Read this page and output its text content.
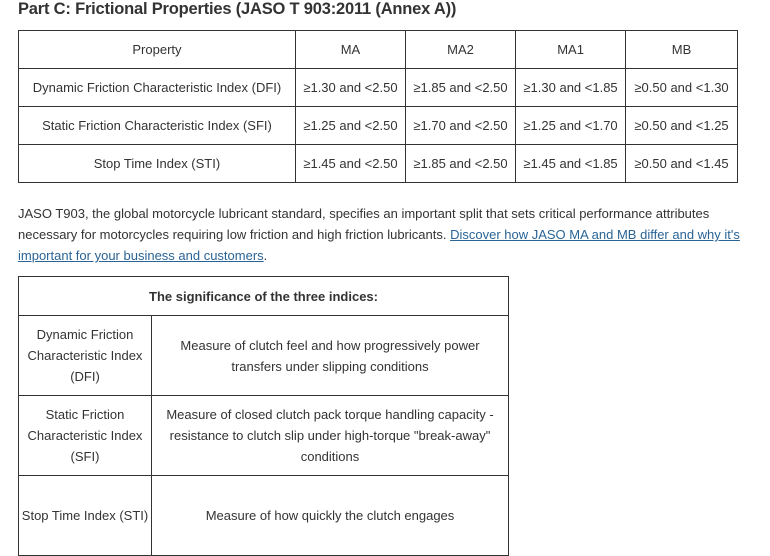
Part C: Frictional Properties (JASO T 903:2011 (Annex A))
Property	MA	MA2	MA1	MB
Dynamic Friction Characteristic Index (DFI)	≥1.30 and <2.50	≥1.85 and <2.50	≥1.30 and <1.85	≥0.50 and <1.30
Static Friction Characteristic Index (SFI)	≥1.25 and <2.50	≥1.70 and <2.50	≥1.25 and <1.70	≥0.50 and <1.25
Stop Time Index (STI)	≥1.45 and <2.50	≥1.85 and <2.50	≥1.45 and <1.85	≥0.50 and <1.45

JASO T903, the global motorcycle lubricant standard, specifies an important split that sets critical performance attributes necessary for motorcycles requiring low friction and high friction lubricants. Discover how JASO MA and MB differ and why it's important for your business and customers.

The significance of the three indices:	
Dynamic Friction Characteristic Index (DFI)	Measure of clutch feel and how progressively power transfers under slipping conditions
Static Friction Characteristic Index (SFI)	Measure of closed clutch pack torque handling capacity - resistance to clutch slip under high-torque "break-away" conditions
Stop Time Index (STI)	Measure of how quickly the clutch engages
